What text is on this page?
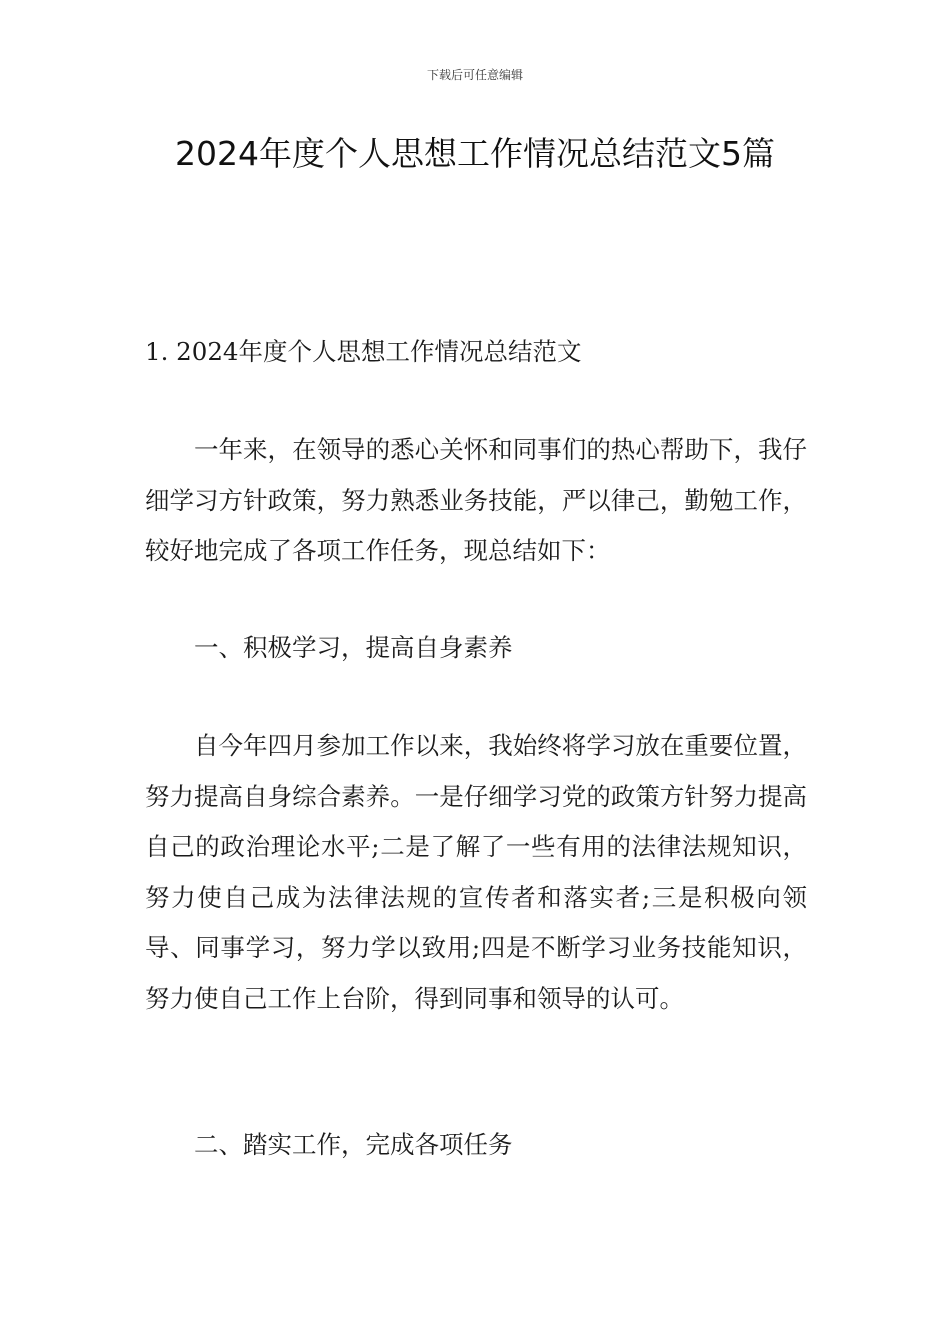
下载后可任意编辑
2024年度个人思想工作情况总结范文5篇
1. 2024年度个人思想工作情况总结范文
一年来，在领导的悉心关怀和同事们的热心帮助下，我仔细学习方针政策，努力熟悉业务技能，严以律己，勤勉工作，较好地完成了各项工作任务，现总结如下：
一、积极学习，提高自身素养
自今年四月参加工作以来，我始终将学习放在重要位置，努力提高自身综合素养。一是仔细学习党的政策方针努力提高自己的政治理论水平;二是了解了一些有用的法律法规知识，努力使自己成为法律法规的宣传者和落实者;三是积极向领导、同事学习，努力学以致用;四是不断学习业务技能知识，努力使自己工作上台阶，得到同事和领导的认可。
二、踏实工作，完成各项任务
